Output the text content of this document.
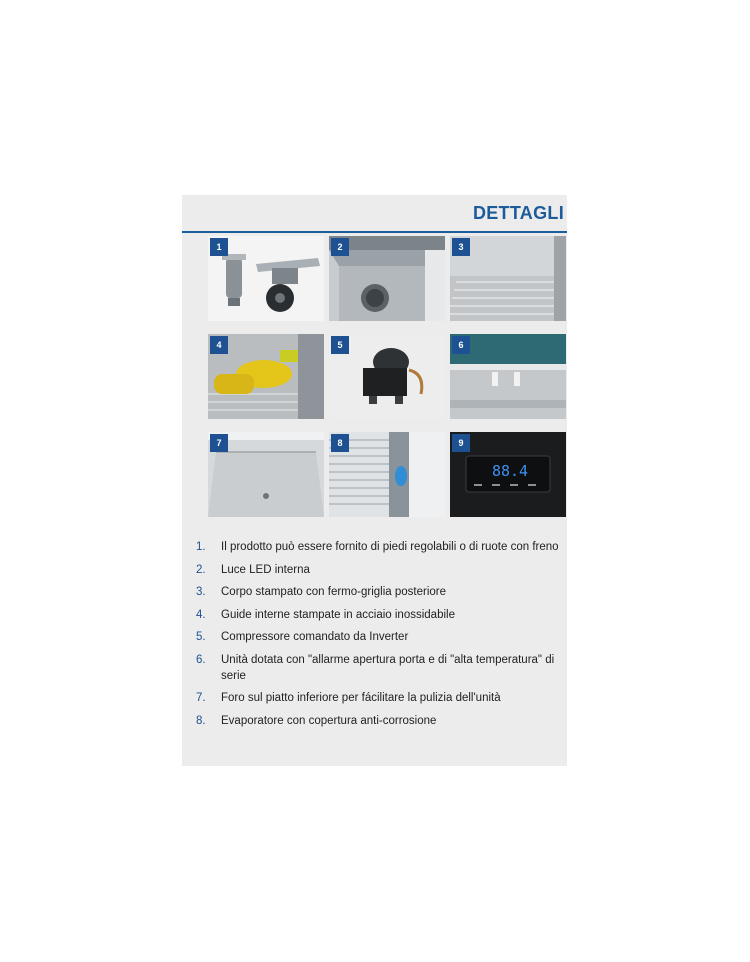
DETTAGLI
1	2	3
4	5	6
7	8
88.4
9
1.	Il prodotto può essere fornito di piedi regolabili o di ruote con freno
2.	Luce LED interna
3.	Corpo stampato con fermo-griglia posteriore
4.	Guide interne stampate in acciaio inossidabile
5.	Compressore comandato da Inverter
6.	Unità dotata con "allarme apertura porta e di "alta temperatura" di serie
7.	Foro sul piatto inferiore per fácilitare la pulizia dell'unità
8.	Evaporatore con copertura anti-corrosione
